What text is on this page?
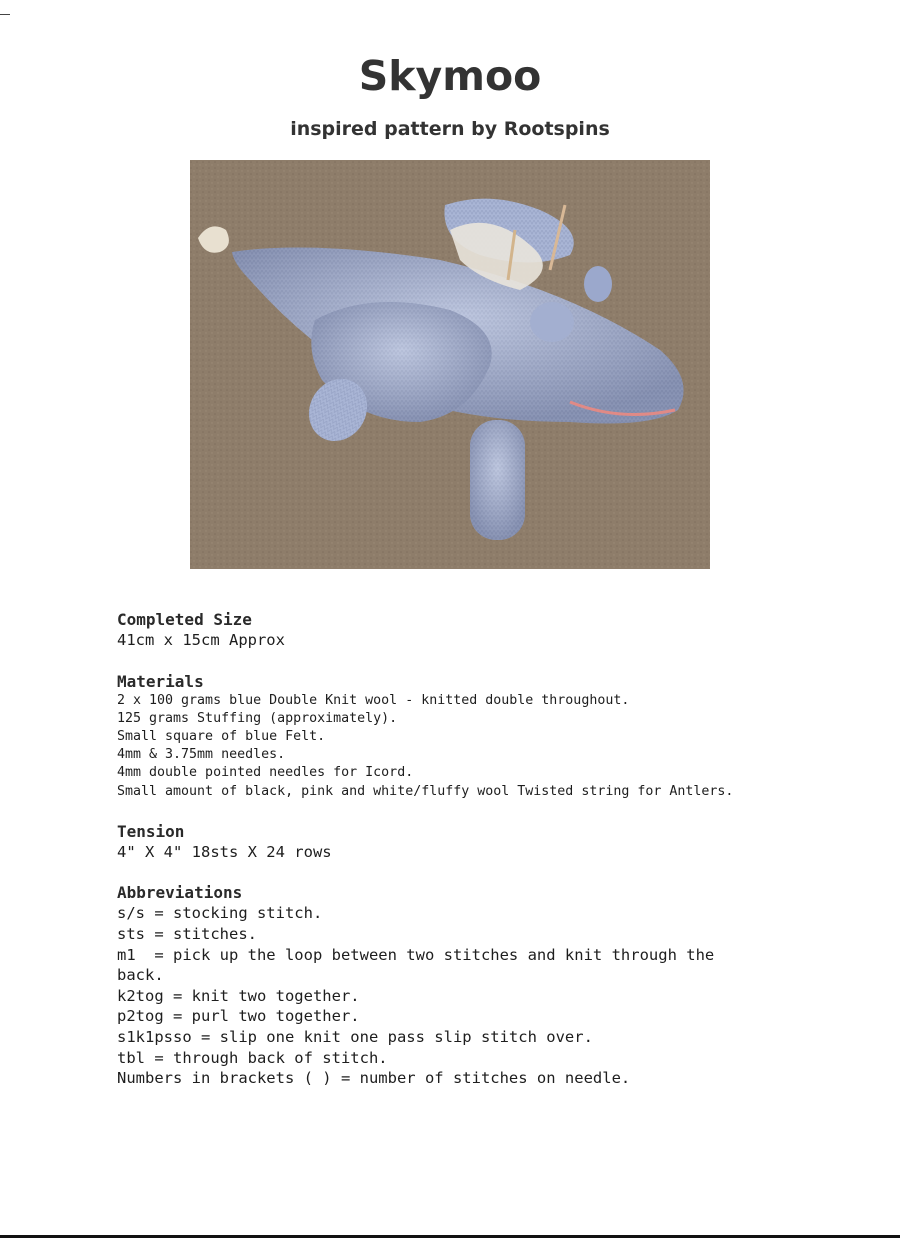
Skymoo
inspired pattern by Rootspins

Completed Size

41cm x 15cm Approx

Materials

2 x 100 grams blue Double Knit wool - knitted double throughout.

125 grams Stuffing (approximately).

Small square of blue Felt.

4mm & 3.75mm needles.

4mm double pointed needles for Icord.

Small amount of black, pink and white/fluffy wool Twisted string for Antlers.

Tension

4" X 4" 18sts X 24 rows

Abbreviations

s/s = stocking stitch.

sts = stitches.

m1  = pick up the loop between two stitches and knit through the

back.

k2tog = knit two together.

p2tog = purl two together.

s1k1psso = slip one knit one pass slip stitch over.

tbl = through back of stitch.

Numbers in brackets ( ) = number of stitches on needle.
